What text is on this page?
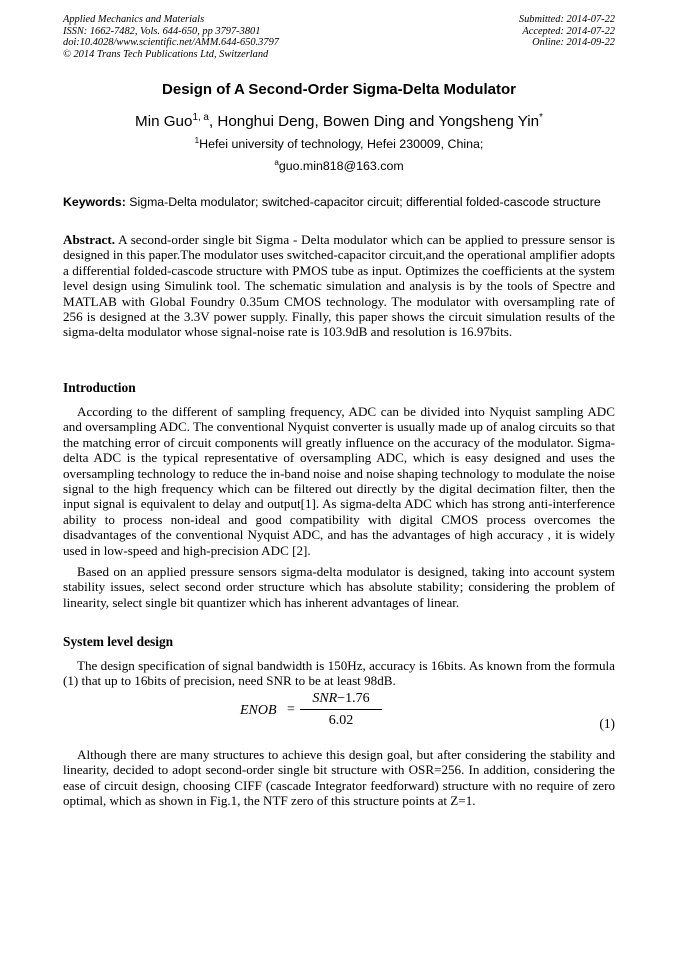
Applied Mechanics and Materials
ISSN: 1662-7482, Vols. 644-650, pp 3797-3801
doi:10.4028/www.scientific.net/AMM.644-650.3797
© 2014 Trans Tech Publications Ltd, Switzerland
Submitted: 2014-07-22
Accepted: 2014-07-22
Online: 2014-09-22
Design of A Second-Order Sigma-Delta Modulator
Min Guo$^{1, a}$, Honghui Deng, Bowen Ding and Yongsheng Yin*
$^1$Hefei university of technology, Hefei 230009, China;
$^a$guo.min818@163.com
Keywords: Sigma-Delta modulator; switched-capacitor circuit; differential folded-cascode structure
Abstract. A second-order single bit Sigma - Delta modulator which can be applied to pressure sensor is designed in this paper.The modulator uses switched-capacitor circuit,and the operational amplifier adopts a differential folded-cascode structure with PMOS tube as input. Optimizes the coefficients at the system level design using Simulink tool. The schematic simulation and analysis is by the tools of Spectre and MATLAB with Global Foundry 0.35um CMOS technology. The modulator with oversampling rate of 256 is designed at the 3.3V power supply. Finally, this paper shows the circuit simulation results of the sigma-delta modulator whose signal-noise rate is 103.9dB and resolution is 16.97bits.
Introduction
According to the different of sampling frequency, ADC can be divided into Nyquist sampling ADC and oversampling ADC. The conventional Nyquist converter is usually made up of analog circuits so that the matching error of circuit components will greatly influence on the accuracy of the modulator. Sigma-delta ADC is the typical representative of oversampling ADC, which is easy designed and uses the oversampling technology to reduce the in-band noise and noise shaping technology to modulate the noise signal to the high frequency which can be filtered out directly by the digital decimation filter, then the input signal is equivalent to delay and output[1]. As sigma-delta ADC which has strong anti-interference ability to process non-ideal and good compatibility with digital CMOS process overcomes the disadvantages of the conventional Nyquist ADC, and has the advantages of high accuracy , it is widely used in low-speed and high-precision ADC [2].
Based on an applied pressure sensors sigma-delta modulator is designed, taking into account system stability issues, select second order structure which has absolute stability; considering the problem of linearity, select single bit quantizer which has inherent advantages of linear.
System level design
The design specification of signal bandwidth is 150Hz, accuracy is 16bits. As known from the formula (1) that up to 16bits of precision, need SNR to be at least 98dB.
ENOB =
SNR−1.76
6.02	(1)
Although there are many structures to achieve this design goal, but after considering the stability and linearity, decided to adopt second-order single bit structure with OSR=256. In addition, considering the ease of circuit design, choosing CIFF (cascade Integrator feedforward) structure with no require of zero optimal, which as shown in Fig.1, the NTF zero of this structure points at Z=1.
